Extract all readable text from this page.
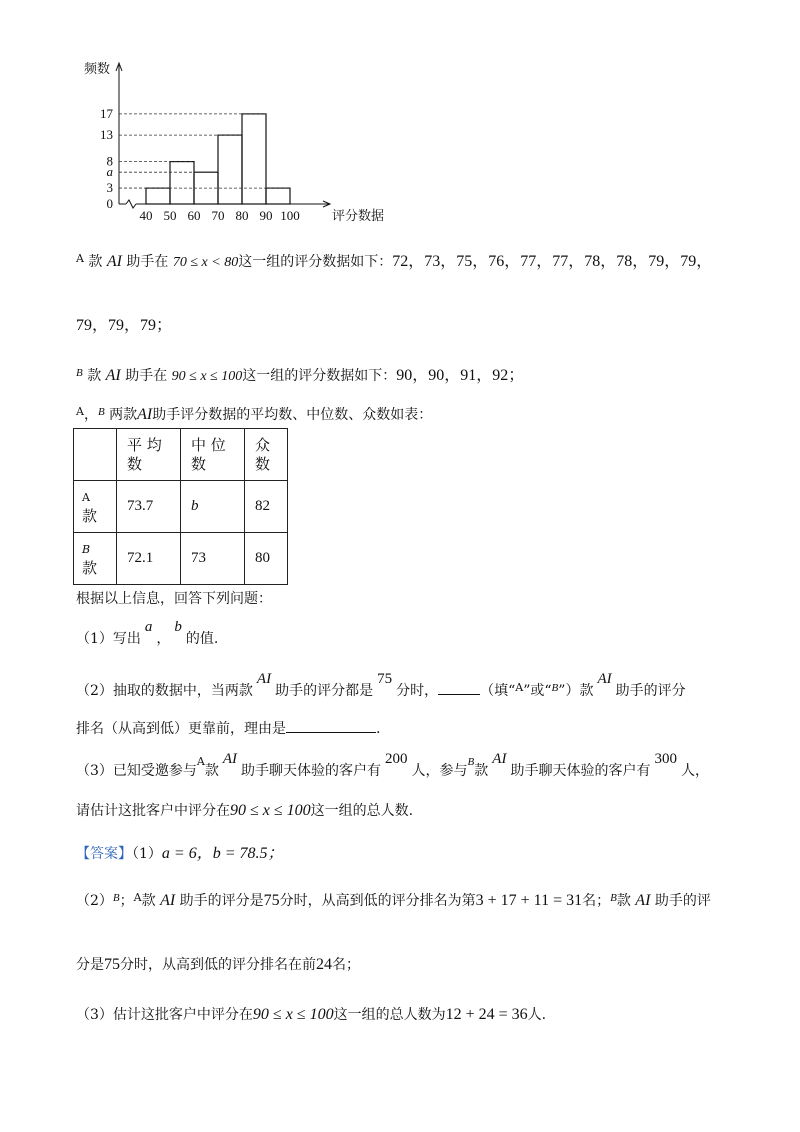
频数
评分数据
0
3
a
8
13
17
40 50 60 70 80 90 100
$^A$ 款 AI 助手在 70 ≤ x < 80这一组的评分数据如下：72，73，75，76，77，77，78，78，79，79，
79，79，79；
$^B$ 款 AI 助手在 90 ≤ x ≤ 100这一组的评分数据如下：90，90，91，92；
$^A$，$^B$ 两款AI助手评分数据的平均数、中位数、众数如表：
	平 均 数	中 位 数	众 数

A
款	73.7	b	82

B
款	72.1	73	80
根据以上信息，回答下列问题：
（1）写出a，b的值.
（2）抽取的数据中，当两款AI助手的评分都是75分时，	（填“$^A$”或“$^B$”）款AI助手的评分
排名（从高到低）更靠前，理由是	.
（3）已知受邀参与$^A$款AI助手聊天体验的客户有200人，参与$^B$款AI助手聊天体验的客户有300人，
请估计这批客户中评分在90 ≤ x ≤ 100这一组的总人数.
【答案】（1）a = 6，b = 78.5；
$(2)^B$；$^A$款 AI 助手的评分是75分时，从高到低的评分排名为第3 + 17 + 11 = 31名；$^B$款 AI 助手的评
分是75分时，从高到低的评分排名在前24名；
（3）估计这批客户中评分在90 ≤ x ≤ 100这一组的总人数为12 + 24 = 36人.
